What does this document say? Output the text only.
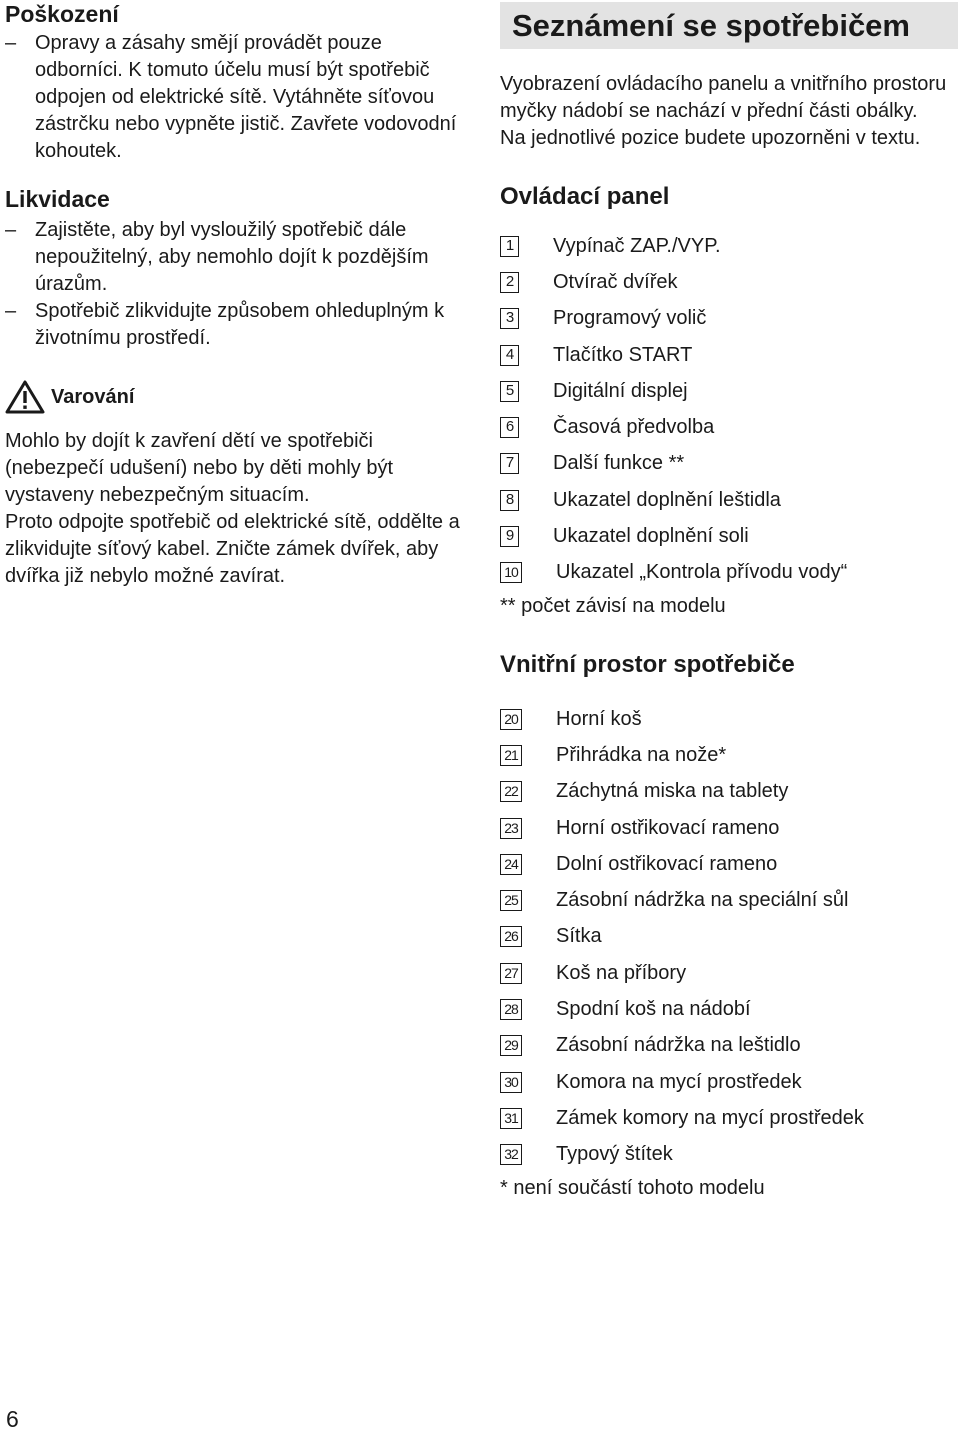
Poškození
– Opravy a zásahy smějí provádět pouze odborníci. K tomuto účelu musí být spotřebič odpojen od elektrické sítě. Vytáhněte síťovou zástrčku nebo vypněte jistič. Zavřete vodovodní kohoutek.
Likvidace
– Zajistěte, aby byl vysloužilý spotřebič dále nepoužitelný, aby nemohlo dojít k pozdějším úrazům.
– Spotřebič zlikvidujte způsobem ohleduplným k životnímu prostředí.
Varování

Mohlo by dojít k zavření dětí ve spotřebiči (nebezpečí udušení) nebo by děti mohly být vystaveny nebezpečným situacím.

Proto odpojte spotřebič od elektrické sítě, oddělte a zlikvidujte síťový kabel. Zničte zámek dvířek, aby dvířka již nebylo možné zavírat.

Seznámení se spotřebičem

Vyobrazení ovládacího panelu a vnitřního prostoru myčky nádobí se nachází v přední části obálky.

Na jednotlivé pozice budete upozorněni v textu.

Ovládací panel
1 Vypínač ZAP./VYP.
2 Otvírač dvířek
3 Programový volič
4 Tlačítko START
5 Digitální displej
6 Časová předvolba
7 Další funkce **
8 Ukazatel doplnění leštidla
9 Ukazatel doplnění soli
10 Ukazatel „Kontrola přívodu vody“

** počet závisí na modelu

Vnitřní prostor spotřebiče
20 Horní koš
21 Přihrádka na nože*
22 Záchytná miska na tablety
23 Horní ostřikovací rameno
24 Dolní ostřikovací rameno
25 Zásobní nádržka na speciální sůl
26 Sítka
27 Koš na příbory
28 Spodní koš na nádobí
29 Zásobní nádržka na leštidlo
30 Komora na mycí prostředek
31 Zámek komory na mycí prostředek
32 Typový štítek

* není součástí tohoto modelu

6
